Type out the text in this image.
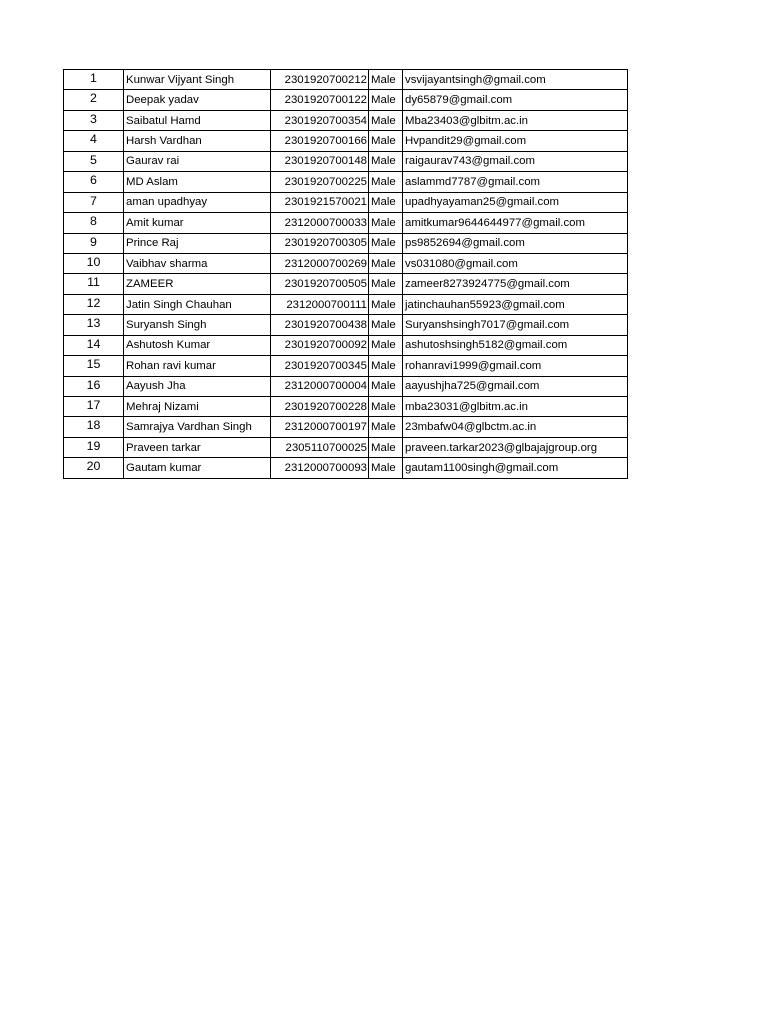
1	Kunwar Vijyant Singh	2301920700212	Male	vsvijayantsingh@gmail.com
2	Deepak yadav	2301920700122	Male	dy65879@gmail.com
3	Saibatul Hamd	2301920700354	Male	Mba23403@glbitm.ac.in
4	Harsh Vardhan	2301920700166	Male	Hvpandit29@gmail.com
5	Gaurav rai	2301920700148	Male	raigaurav743@gmail.com
6	MD Aslam	2301920700225	Male	aslammd7787@gmail.com
7	aman upadhyay	2301921570021	Male	upadhyayaman25@gmail.com
8	Amit kumar	2312000700033	Male	amitkumar9644644977@gmail.com
9	Prince Raj	2301920700305	Male	ps9852694@gmail.com
10	Vaibhav sharma	2312000700269	Male	vs031080@gmail.com
11	ZAMEER	2301920700505	Male	zameer8273924775@gmail.com
12	Jatin Singh Chauhan	2312000700111	Male	jatinchauhan55923@gmail.com
13	Suryansh Singh	2301920700438	Male	Suryanshsingh7017@gmail.com
14	Ashutosh Kumar	2301920700092	Male	ashutoshsingh5182@gmail.com
15	Rohan ravi kumar	2301920700345	Male	rohanravi1999@gmail.com
16	Aayush Jha	2312000700004	Male	aayushjha725@gmail.com
17	Mehraj Nizami	2301920700228	Male	mba23031@glbitm.ac.in
18	Samrajya Vardhan Singh	2312000700197	Male	23mbafw04@glbctm.ac.in
19	Praveen tarkar	2305110700025	Male	praveen.tarkar2023@glbajajgroup.org
20	Gautam kumar	2312000700093	Male	gautam1100singh@gmail.com
